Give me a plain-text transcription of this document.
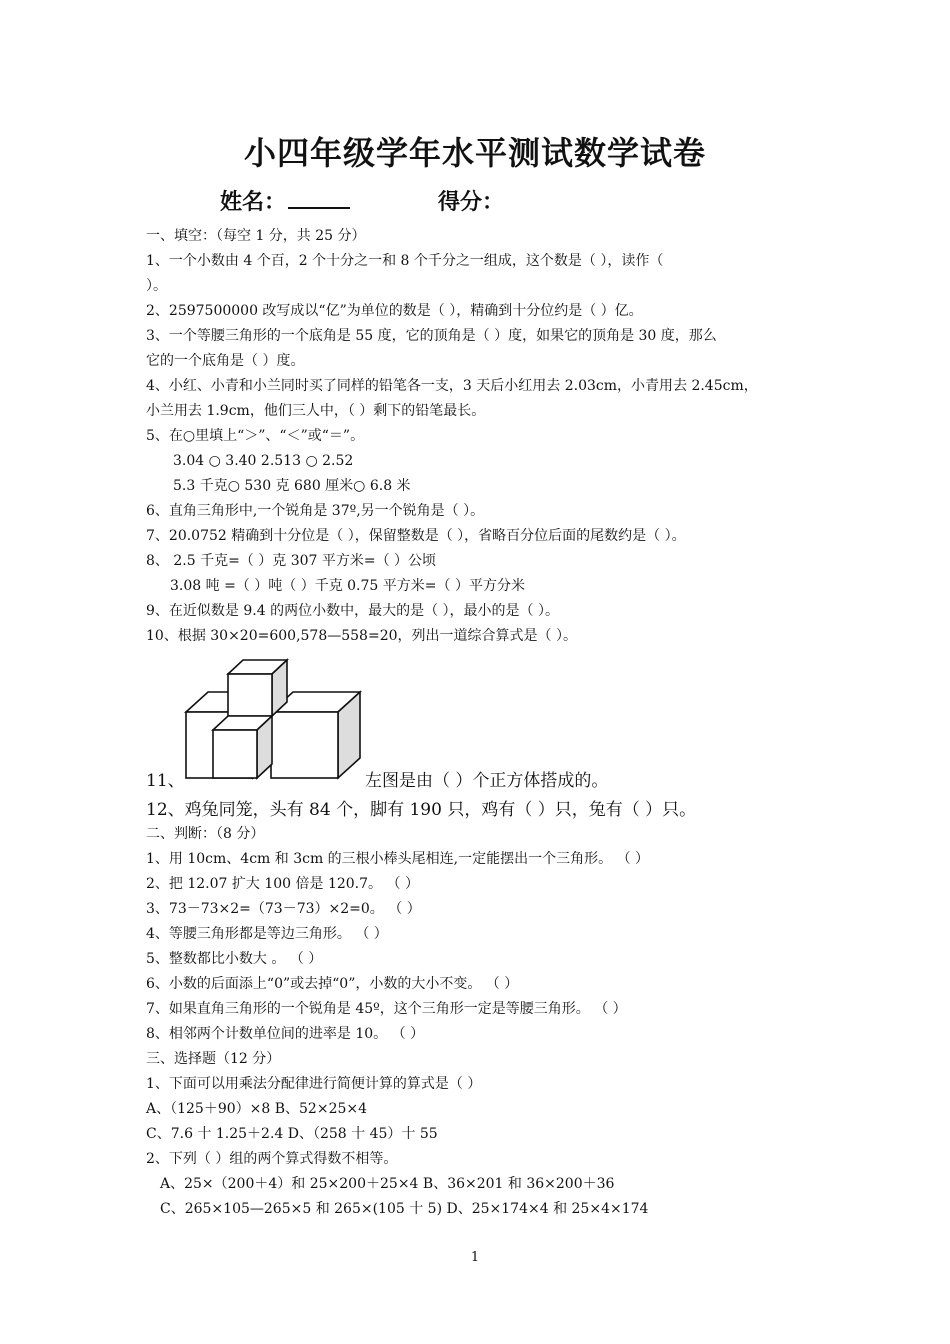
小四年级学年水平测试数学试卷
姓名：	得分：
一、填空：（每空 1 分，共 25 分）
1、一个小数由 4 个百，2 个十分之一和 8 个千分之一组成，这个数是（ ），读作（
）。
2、2597500000 改写成以“亿”为单位的数是（ ），精确到十分位约是（ ）亿。
3、一个等腰三角形的一个底角是 55 度，它的顶角是（ ）度，如果它的顶角是 30 度，那么
它的一个底角是（ ）度。
4、小红、小青和小兰同时买了同样的铅笔各一支，3 天后小红用去 2.03cm，小青用去 2.45cm，
小兰用去 1.9cm，他们三人中，（ ）剩下的铅笔最长。
5、在○里填上“＞”、“＜”或“＝”。
3.04 ○ 3.40 2.513 ○ 2.52
5.3 千克○ 530 克 680 厘米○ 6.8 米
6、直角三角形中,一个锐角是 37º,另一个锐角是（ ）。
7、20.0752 精确到十分位是（ ），保留整数是（ ），省略百分位后面的尾数约是（ ）。
8、 2.5 千克=（ ）克 307 平方米=（ ）公顷
3.08 吨 =（ ）吨（ ）千克 0.75 平方米=（ ）平方分米
9、在近似数是 9.4 的两位小数中，最大的是（ ），最小的是（ ）。
10、根据 30×20=600,578—558=20，列出一道综合算式是（ ）。
11、	左图是由（ ）个正方体搭成的。
12、鸡兔同笼，头有 84 个，脚有 190 只，鸡有（ ）只，兔有（ ）只。
二、判断：（8 分）
1、用 10cm、4cm 和 3cm 的三根小棒头尾相连,一定能摆出一个三角形。 （ ）
2、把 12.07 扩大 100 倍是 120.7。 （ ）
3、73－73×2=（73－73）×2=0。 （ ）
4、等腰三角形都是等边三角形。 （ ）
5、整数都比小数大 。 （ ）
6、小数的后面添上“0”或去掉“0”，小数的大小不变。 （ ）
7、如果直角三角形的一个锐角是 45º，这个三角形一定是等腰三角形。 （ ）
8、相邻两个计数单位间的进率是 10。 （ ）
三、选择题（12 分）
1、下面可以用乘法分配律进行简便计算的算式是（ ）
A、（125＋90）×8 B、52×25×4
C、7.6 十 1.25＋2.4 D、（258 十 45）十 55
2、下列（ ）组的两个算式得数不相等。
A、25×（200＋4）和 25×200＋25×4 B、36×201 和 36×200＋36
C、265×105—265×5 和 265×(105 十 5) D、25×174×4 和 25×4×174
1
